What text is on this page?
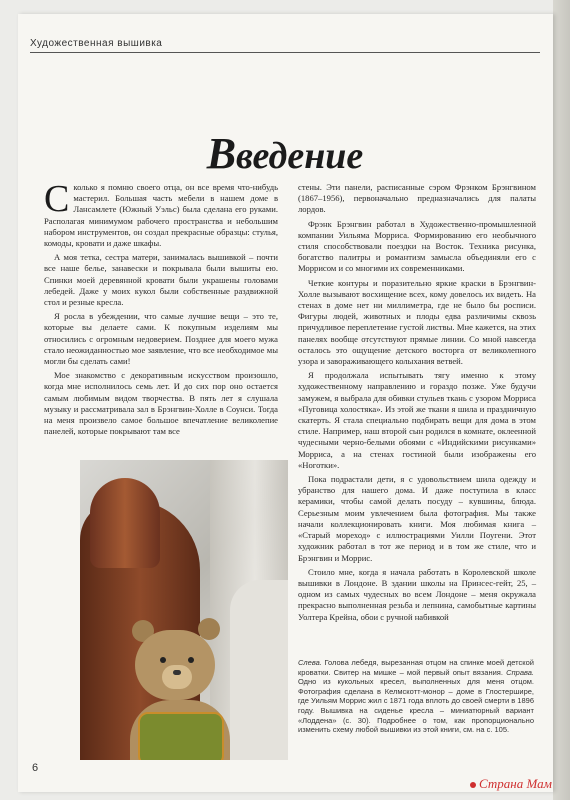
Художественная вышивка
Введение

Сколько я помню своего отца, он все время что-нибудь мастерил. Большая часть мебели в нашем доме в Лансамлете (Южный Уэльс) была сделана его руками. Располагая минимумом рабочего пространства и небольшим набором инструментов, он создал прекрасные образцы: стулья, комоды, кровати и даже шкафы.

А моя тетка, сестра матери, занималась вышивкой – почти все наше белье, занавески и покрывала были вышиты ею. Спинки моей деревянной кровати были украшены головами лебедей. Даже у моих кукол были собственные раздвижной стол и резные кресла.

Я росла в убеждении, что самые лучшие вещи – это те, которые вы делаете сами. К покупным изделиям мы относились с огромным недоверием. Позднее для моего мужа стало неожиданностью мое заявление, что все необходимое мы могли бы сделать сами!

Мое знакомство с декоративным искусством произошло, когда мне исполнилось семь лет. И до сих пор оно остается самым любимым видом творчества. В пять лет я слушала музыку и рассматривала зал в Брэнгвин-Холле в Соунси. Тогда на меня произвело самое большое впечатление великолепие панелей, которые покрывают там все

стены. Эти панели, расписанные сэром Фрэнком Брэнгвином (1867–1956), первоначально предназначались для палаты лордов.

Фрэнк Брэнгвин работал в Художественно-промышленной компании Уильяма Морриса. Формированию его необычного стиля способствовали поездки на Восток. Техника рисунка, богатство палитры и романтизм замысла объединяли его с Моррисом и со многими их современниками.

Четкие контуры и поразительно яркие краски в Брэнгвин-Холле вызывают восхищение всех, кому довелось их видеть. На стенах в доме нет ни миллиметра, где не было бы росписи. Фигуры людей, животных и плоды едва различимы сквозь причудливое переплетение густой листвы. Мне кажется, на этих панелях вообще отсутствуют прямые линии. Со мной навсегда осталось это ощущение детского восторга от великолепного узора и завораживающего колыхания ветвей.

Я продолжала испытывать тягу именно к этому художественному направлению и гораздо позже. Уже будучи замужем, я выбрала для обивки стульев ткань с узором Морриса «Пуговица холостяка». Из этой же ткани я шила и праздничную скатерть. Я стала специально подбирать вещи для дома в этом стиле. Например, наш второй сын родился в комнате, оклеенной чудесными черно-белыми обоями с «Индийскими рисунками» Морриса, а на стенах гостиной были изображены его «Ноготки».

Пока подрастали дети, я с удовольствием шила одежду и убранство для нашего дома. И даже поступила в класс керамики, чтобы самой делать посуду – кувшины, блюда. Серьезным моим увлечением была фотография. Мы также начали коллекционировать книги. Моя любимая книга – «Старый мореход» с иллюстрациями Уилли Поугени. Этот художник работал в тот же период и в том же стиле, что и Брэнгвин и Моррис.

Стоило мне, когда я начала работать в Королевской школе вышивки в Лондоне. В здании школы на Принсес-гейт, 25, – одном из самых чудесных во всем Лондоне – меня окружала прекрасно выполненная резьба и лепнина, самобытные картины Уолтера Крейна, обои с ручной набивкой

Слева. Голова лебедя, вырезанная отцом на спинке моей детской кроватки. Свитер на мишке – мой первый опыт вязания. Справа. Одно из кукольных кресел, выполненных для меня отцом. Фотография сделана в Келмскотт-монор – доме в Глостершире, где Уильям Моррис жил с 1871 года вплоть до своей смерти в 1896 году. Вышивка на сиденье кресла – миниатюрный вариант «Лоддена» (с. 30). Подробнее о том, как пропорционально изменить схему любой вышивки из этой книги, см. на с. 105.
6
Страна Мам
